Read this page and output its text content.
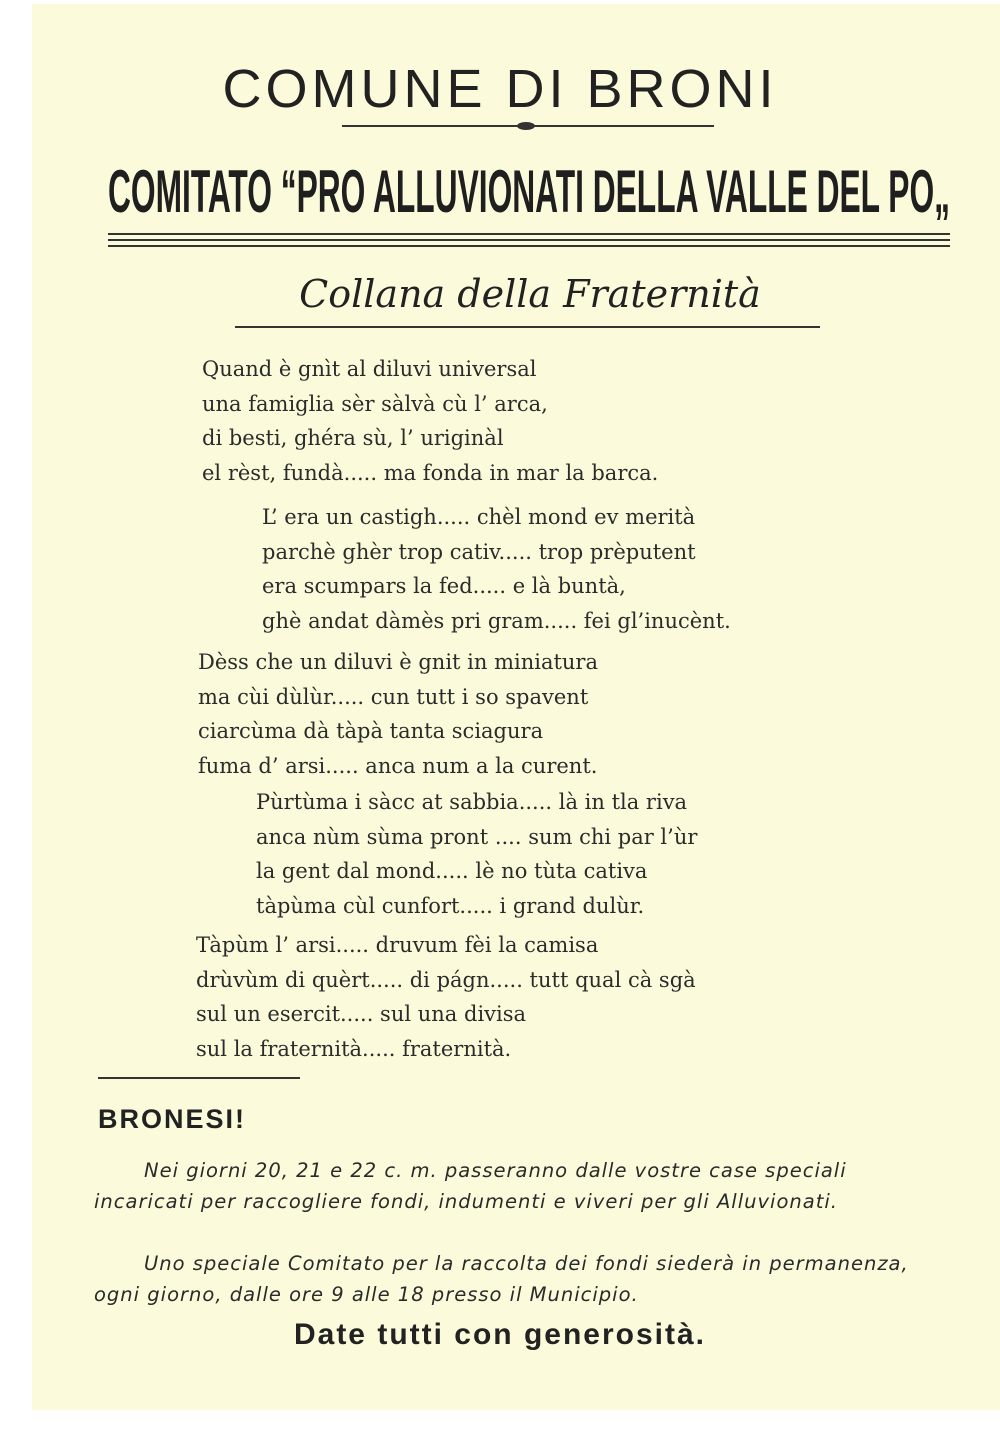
COMUNE DI BRONI
COMITATO “PRO ALLUVIONATI DELLA VALLE DEL PO„
Collana della Fraternità
Quand è gnìt al diluvi universal
una famiglia sèr sàlvà cù l’ arca,
di besti, ghéra sù, l’ uriginàl
el rèst, fundà..... ma fonda in mar la barca.
L’ era un castigh..... chèl mond ev merità
parchè ghèr trop cativ..... trop prèputent
era scumpars la fed..... e là buntà,
ghè andat dàmès pri gram..... fei gl’inucènt.
Dèss che un diluvi è gnit in miniatura
ma cùi dùlùr..... cun tutt i so spavent
ciarcùma dà tàpà tanta sciagura
fuma d’ arsi..... anca num a la curent.
Pùrtùma i sàcc at sabbia..... là in tla riva
anca nùm sùma pront .... sum chi par l’ùr
la gent dal mond..... lè no tùta cativa
tàpùma cùl cunfort..... i grand dulùr.
Tàpùm l’ arsi..... druvum fèi la camisa
drùvùm di quèrt..... di págn..... tutt qual cà sgà
sul un esercit..... sul una divisa
sul la fraternità..... fraternità.
BRONESI!
Nei giorni 20, 21 e 22 c. m. passeranno dalle vostre case speciali incaricati per raccogliere fondi, indumenti e viveri per gli Alluvionati.
Uno speciale Comitato per la raccolta dei fondi siederà in permanenza, ogni giorno, dalle ore 9 alle 18 presso il Municipio.
Date tutti con generosità.
